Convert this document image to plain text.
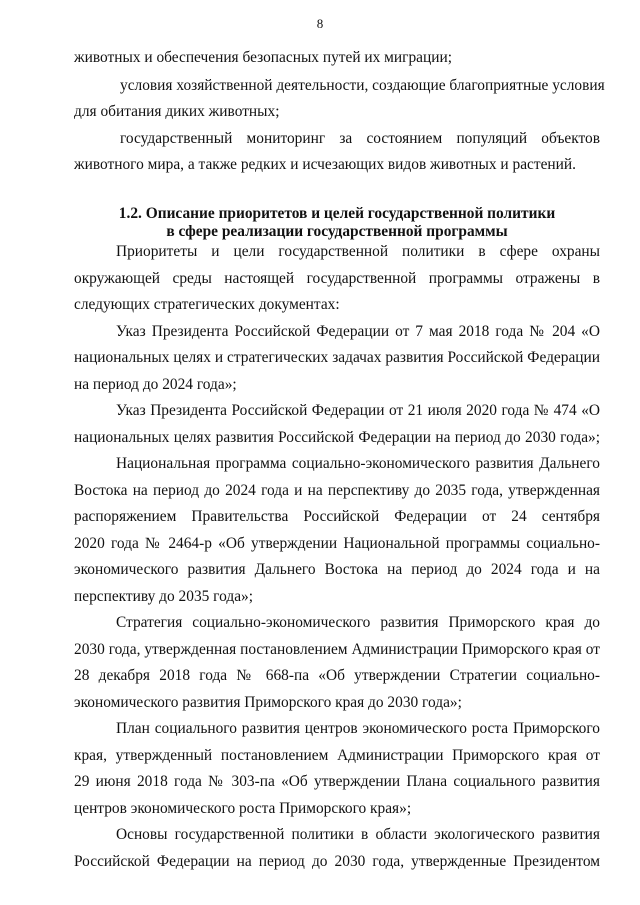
8
животных и обеспечения безопасных путей их миграции;
условия хозяйственной деятельности, создающие благоприятные условия
для обитания диких животных;
государственный мониторинг за состоянием популяций объектов
животного мира, а также редких и исчезающих видов животных и растений.
1.2. Описание приоритетов и целей государственной политики
в сфере реализации государственной программы
Приоритеты и цели государственной политики в сфере охраны
окружающей среды настоящей государственной программы отражены в
следующих стратегических документах:
Указ Президента Российской Федерации от 7 мая 2018 года № 204 «О
национальных целях и стратегических задачах развития Российской Федерации
на период до 2024 года»;
Указ Президента Российской Федерации от 21 июля 2020 года № 474 «О
национальных целях развития Российской Федерации на период до 2030 года»;
Национальная программа социально-экономического развития Дальнего
Востока на период до 2024 года и на перспективу до 2035 года, утвержденная
распоряжением Правительства Российской Федерации от 24 сентября
2020 года № 2464-р «Об утверждении Национальной программы социально-
экономического развития Дальнего Востока на период до 2024 года и на
перспективу до 2035 года»;
Стратегия социально-экономического развития Приморского края до
2030 года, утвержденная постановлением Администрации Приморского края от
28 декабря 2018 года № 668-па «Об утверждении Стратегии социально-
экономического развития Приморского края до 2030 года»;
План социального развития центров экономического роста Приморского
края, утвержденный постановлением Администрации Приморского края от
29 июня 2018 года № 303-па «Об утверждении Плана социального развития
центров экономического роста Приморского края»;
Основы государственной политики в области экологического развития
Российской Федерации на период до 2030 года, утвержденные Президентом
